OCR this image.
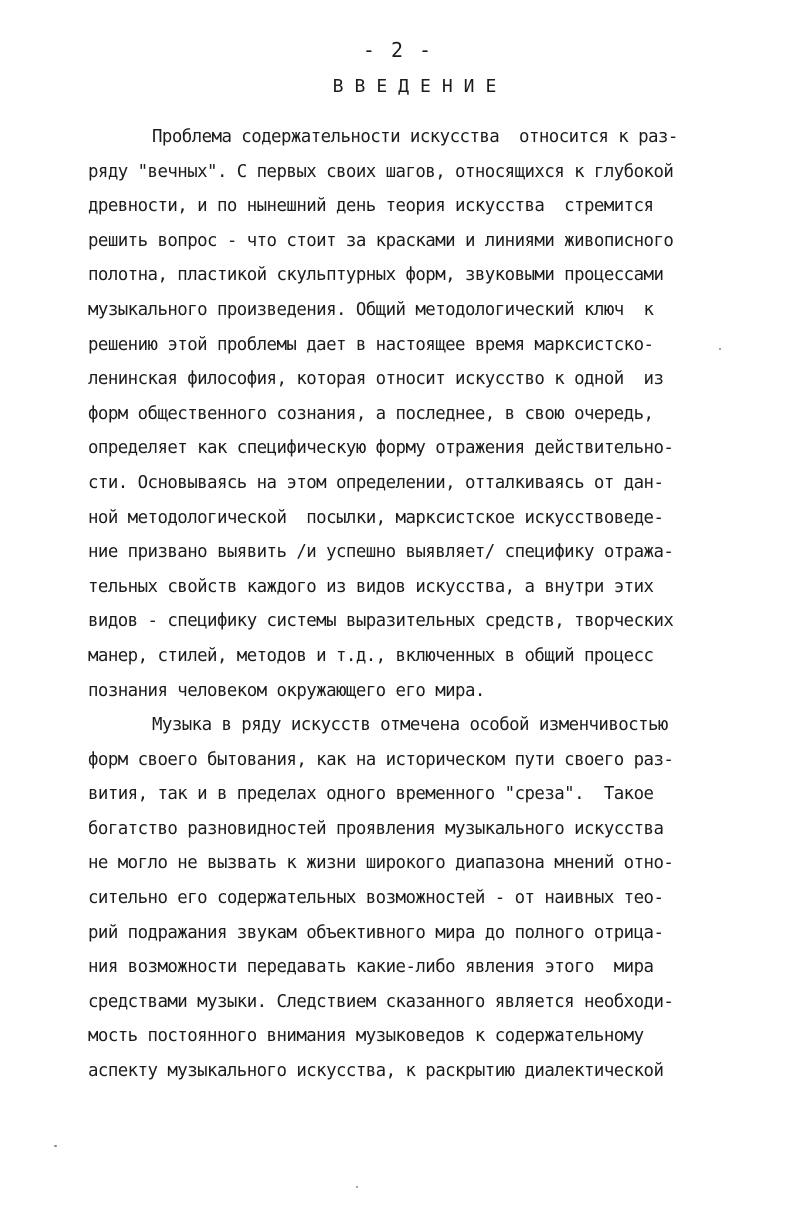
- 2 -
ВВЕДЕНИЕ
Проблема содержательности искусства  относится к раз-
ряду "вечных". С первых своих шагов, относящихся к глубокой
древности, и по нынешний день теория искусства  стремится
решить вопрос - что стоит за красками и линиями живописного
полотна, пластикой скульптурных форм, звуковыми процессами
музыкального произведения. Общий методологический ключ  к
решению этой проблемы дает в настоящее время марксистско-
ленинская философия, которая относит искусство к одной  из
форм общественного сознания, а последнее, в свою очередь,
определяет как специфическую форму отражения действительно-
сти. Основываясь на этом определении, отталкиваясь от дан-
ной методологической  посылки, марксистское искусствоведе-
ние призвано выявить /и успешно выявляет/ специфику отража-
тельных свойств каждого из видов искусства, а внутри этих
видов - специфику системы выразительных средств, творческих
манер, стилей, методов и т.д., включенных в общий процесс
познания человеком окружающего его мира.
Музыка в ряду искусств отмечена особой изменчивостью
форм своего бытования, как на историческом пути своего раз-
вития, так и в пределах одного временного "среза".  Такое
богатство разновидностей проявления музыкального искусства
не могло не вызвать к жизни широкого диапазона мнений отно-
сительно его содержательных возможностей - от наивных тео-
рий подражания звукам объективного мира до полного отрица-
ния возможности передавать какие-либо явления этого  мира
средствами музыки. Следствием сказанного является необходи-
мость постоянного внимания музыковедов к содержательному
аспекту музыкального искусства, к раскрытию диалектической
